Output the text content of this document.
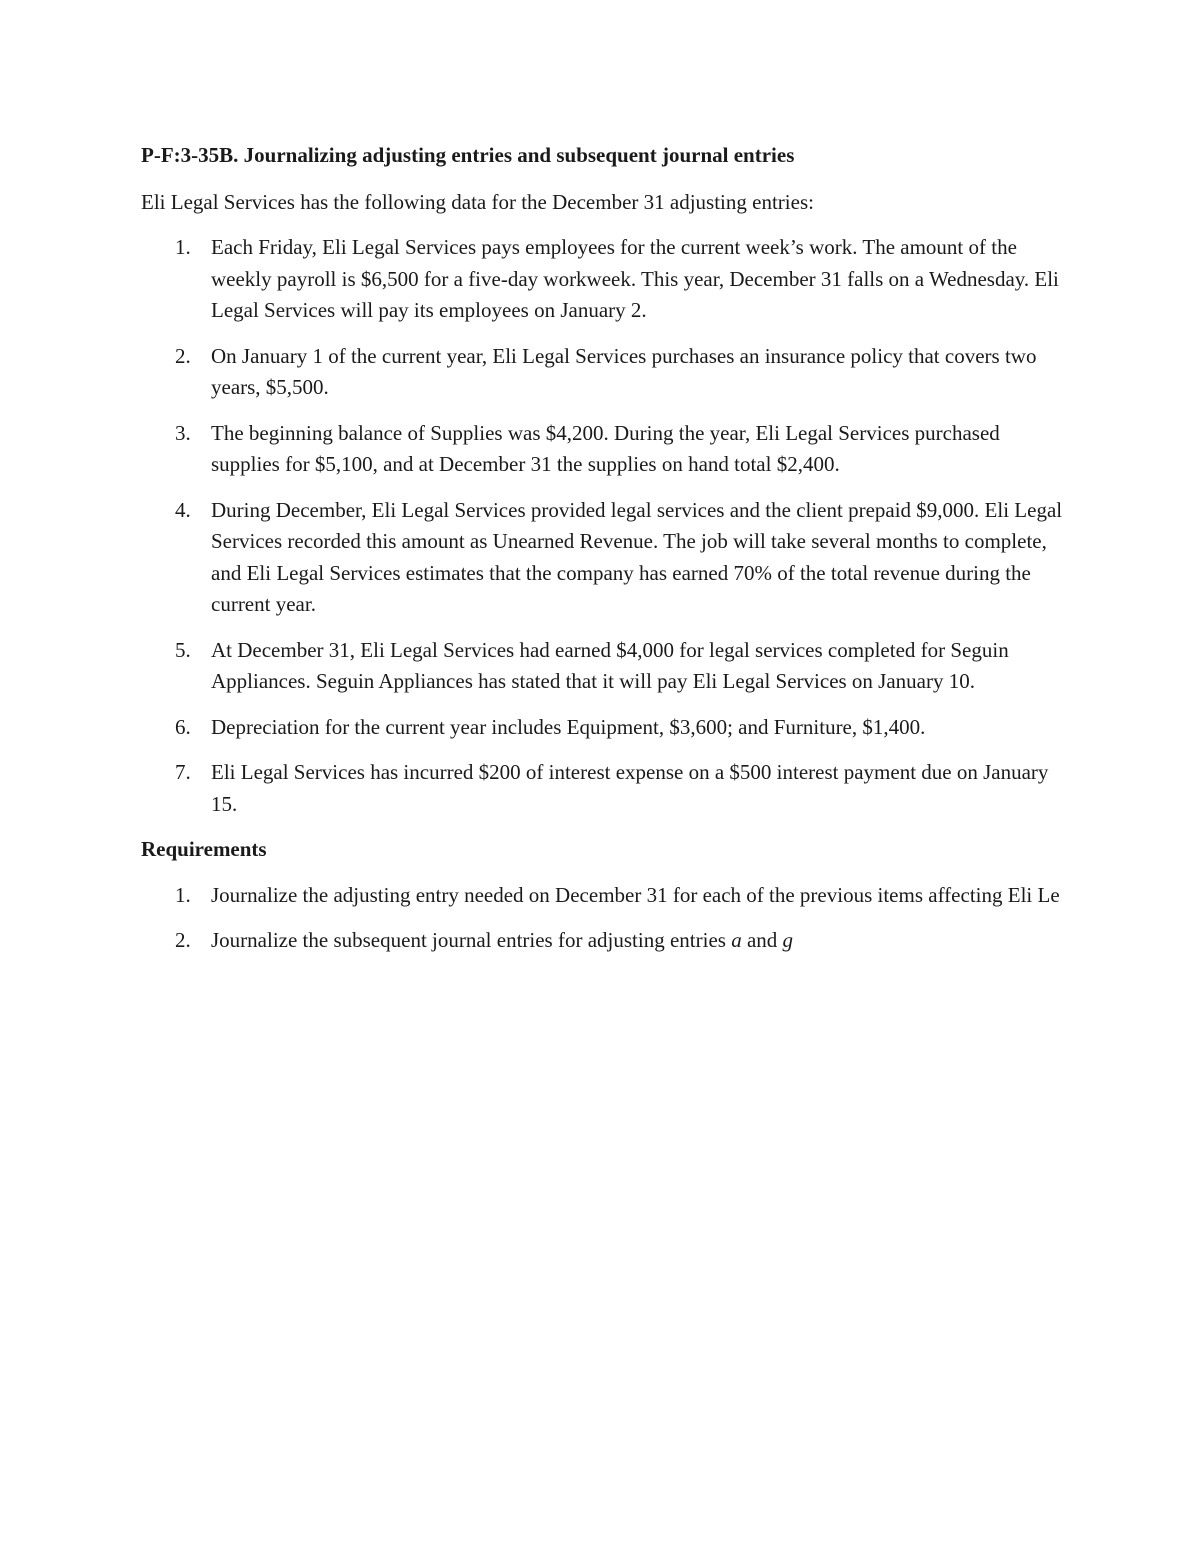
P-F:3-35B. Journalizing adjusting entries and subsequent journal entries
Eli Legal Services has the following data for the December 31 adjusting entries:
1. Each Friday, Eli Legal Services pays employees for the current week’s work. The amount of the weekly payroll is $6,500 for a five-day workweek. This year, December 31 falls on a Wednesday. Eli Legal Services will pay its employees on January 2.
2. On January 1 of the current year, Eli Legal Services purchases an insurance policy that covers two years, $5,500.
3. The beginning balance of Supplies was $4,200. During the year, Eli Legal Services purchased supplies for $5,100, and at December 31 the supplies on hand total $2,400.
4. During December, Eli Legal Services provided legal services and the client prepaid $9,000. Eli Legal Services recorded this amount as Unearned Revenue. The job will take several months to complete, and Eli Legal Services estimates that the company has earned 70% of the total revenue during the current year.
5. At December 31, Eli Legal Services had earned $4,000 for legal services completed for Seguin Appliances. Seguin Appliances has stated that it will pay Eli Legal Services on January 10.
6. Depreciation for the current year includes Equipment, $3,600; and Furniture, $1,400.
7. Eli Legal Services has incurred $200 of interest expense on a $500 interest payment due on January 15.
Requirements
1. Journalize the adjusting entry needed on December 31 for each of the previous items affecting Eli Le
2. Journalize the subsequent journal entries for adjusting entries a and g
